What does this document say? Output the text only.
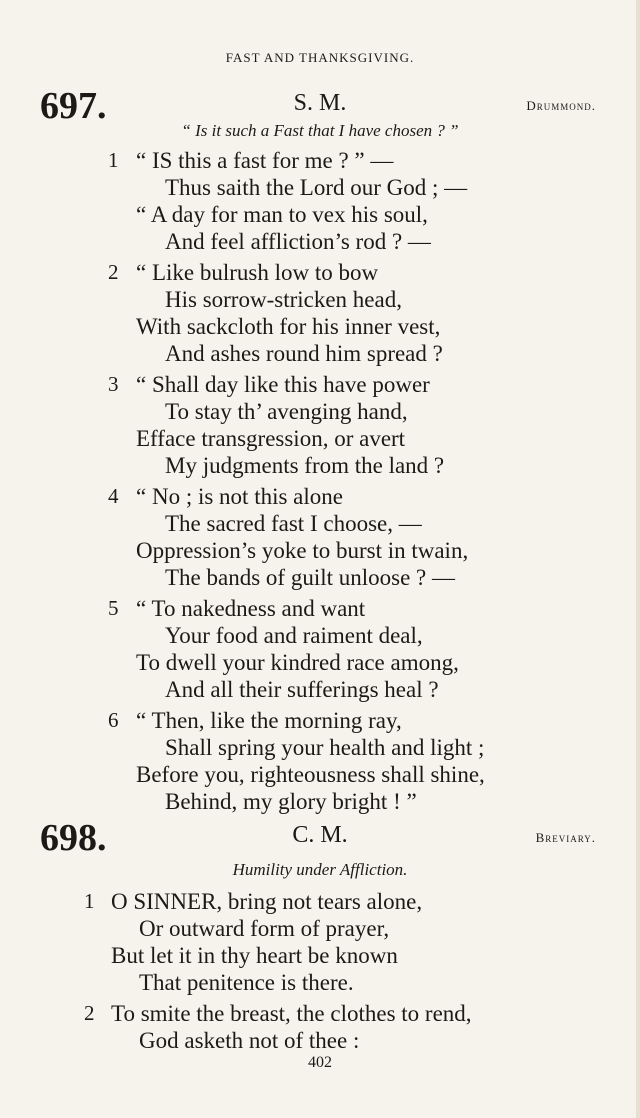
FAST AND THANKSGIVING.
697.	S. M.	Drummond.
“ Is it such a Fast that I have chosen ? ”
1 “ IS this a fast for me ? ” —
Thus saith the Lord our God ; —
“ A day for man to vex his soul,
And feel affliction’s rod ? —
2 “ Like bulrush low to bow
His sorrow-stricken head,
With sackcloth for his inner vest,
And ashes round him spread ?
3 “ Shall day like this have power
To stay th’ avenging hand,
Efface transgression, or avert
My judgments from the land ?
4 “ No ; is not this alone
The sacred fast I choose, —
Oppression’s yoke to burst in twain,
The bands of guilt unloose ? —
5 “ To nakedness and want
Your food and raiment deal,
To dwell your kindred race among,
And all their sufferings heal ?
6 “ Then, like the morning ray,
Shall spring your health and light ;
Before you, righteousness shall shine,
Behind, my glory bright ! ”
698.	C. M.	Breviary.
Humility under Affliction.
1 O SINNER, bring not tears alone,
Or outward form of prayer,
But let it in thy heart be known
That penitence is there.
2 To smite the breast, the clothes to rend,
God asketh not of thee :
402
